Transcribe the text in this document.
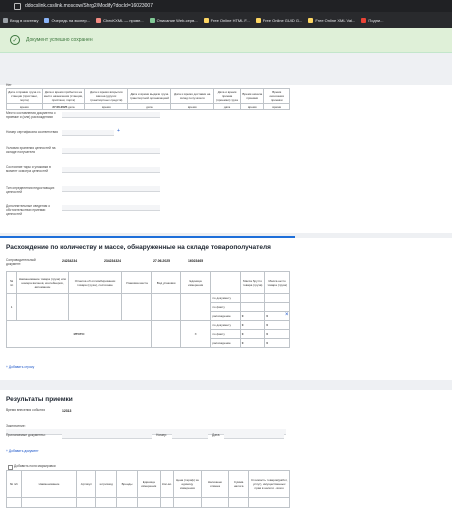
ddocslink.csslink.moscow/Shrg2/Modify?docId=16023007
Вход в систему	Очередь на экспер...	ChecKXML — прове...	Описание Web-серв...	Free Online HTML F...	Free Online GUID G...	Free Online XML Val...	Подпи...
✓	Документ успешно сохранен
Нет
Дата отправки груза со станции (пристани, порта)	Дата и время прибытия на место назначения (станции, пристани, порта)	Дата и время вскрытия вагона (других транспортных средств)	Дата и время выдачи груза транспортной организацией	Дата и время доставки на склад получателя	Дата и время приема (приемки) груза	Время начала приемки	Время окончания приемки
время	27.06.2025 дата	время	дата	время	дата	время	время
Место составления документа о приемке и (или) расхождениях
Номер сертификата соответствия	+
Условия хранения ценностей на складе получателя
Состояние тары и упаковки в момент осмотра ценностей
Тип определения недостающих ценностей
Дополнительные сведения о обстоятельствах приемки ценностей
Расхождение по количеству и массе, обнаруженные на складе товарополучателя
Сопроводительный документ:
24234234	234234324	27.06.2025	16023465
№ пп	Наименование товара (груза) или номера вагонов, контейнеров, автомашин	Отметка об опломбировании товара (груза), состояние	Упаковка места	Вид упаковки	Единица измерения		Масса брутто товара (груза)	Масса нетто товара (груза)
1						по документу		
						по факту		
						расхождение	0	0
ИТОГО:					X	по документу	0	0
						по факту	0	0
						расхождение	0	0
×
+ Добавить строку
Результаты приемки
Время внесения события	12313
Заключение:
Прилагаемые документы:	Номер:	Дата:
+ Добавить документ
Добавить поля маркировки
№ п/п	Наименование	Артикул	штрихкод	Бренды	Единица измерения	Кол-во	Цена (тариф) за единицу измерения	Наложено отмена	Сумма налога	Стоимость товаров(работ, услуг), имущественных прав в налоги - всего
